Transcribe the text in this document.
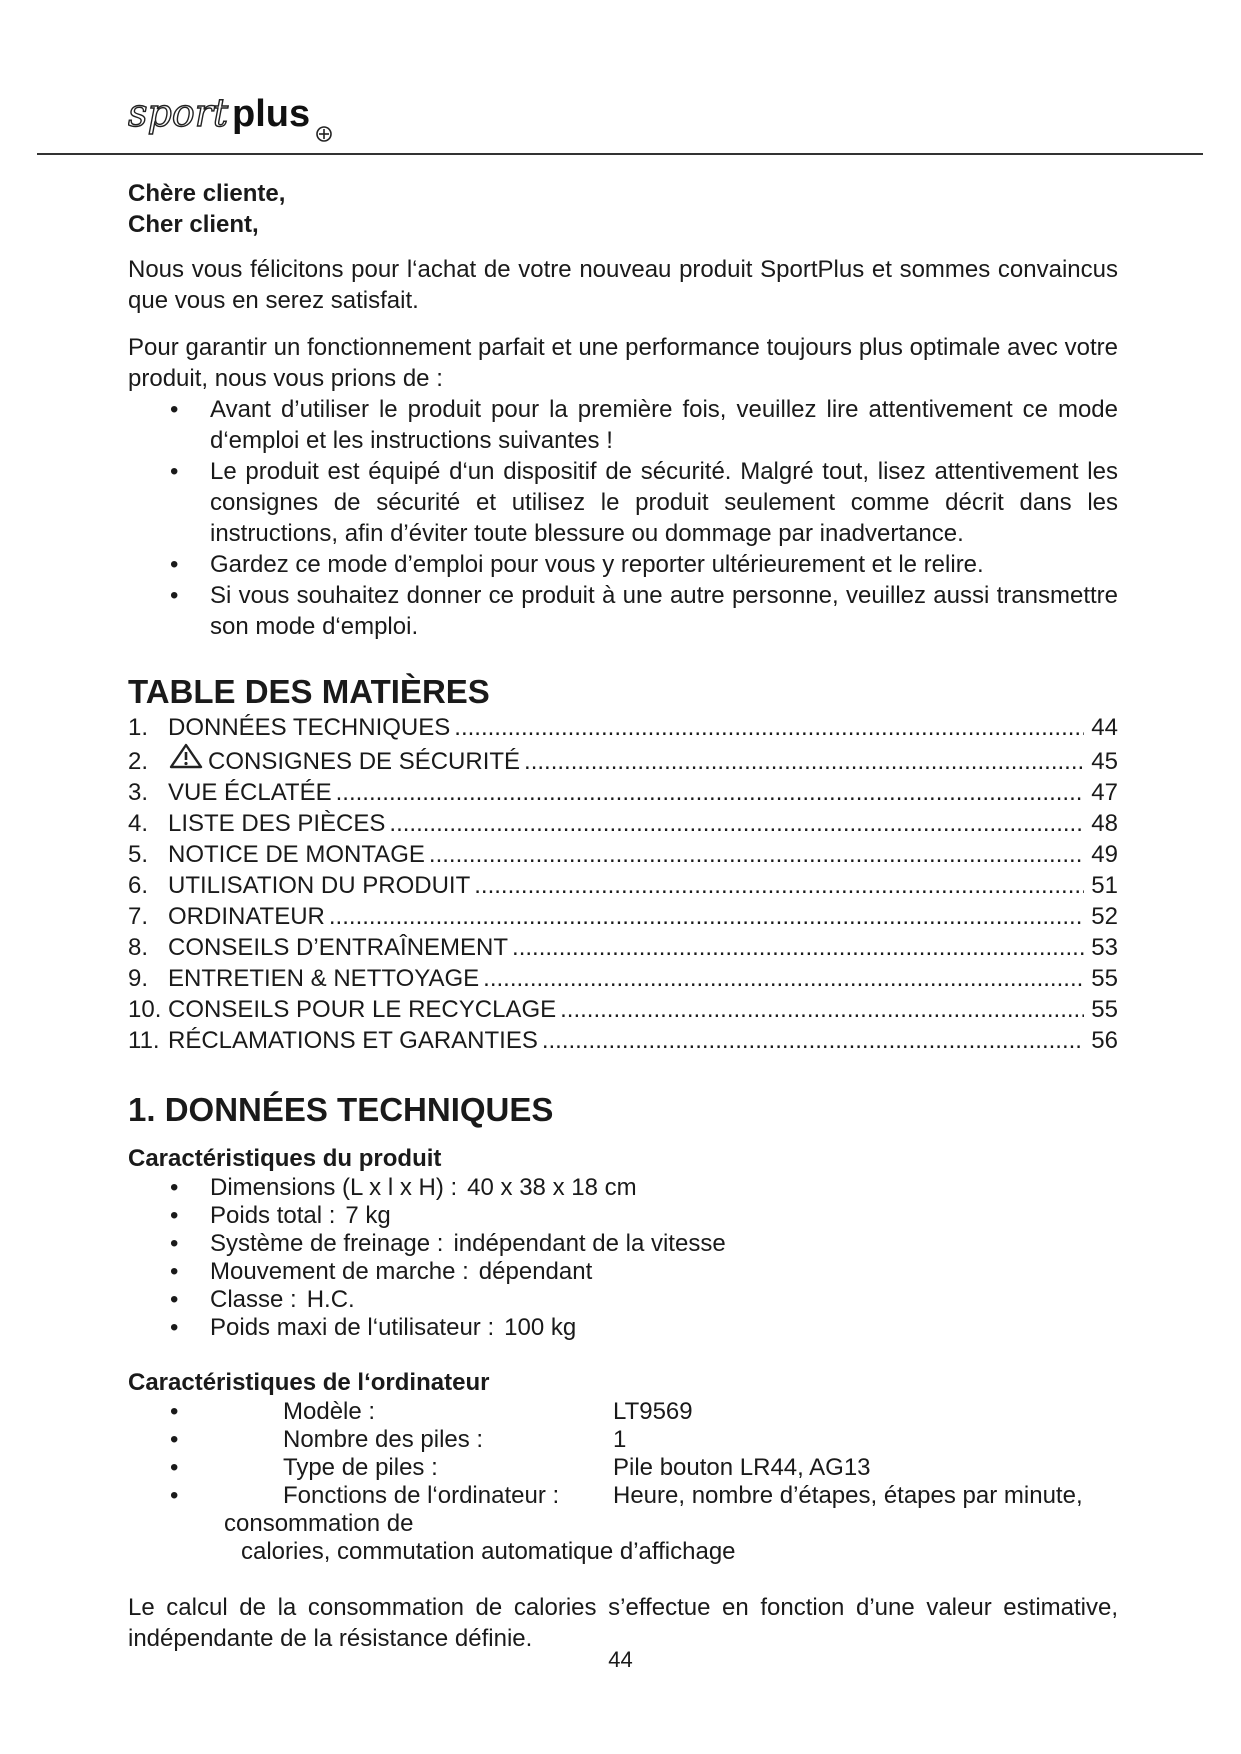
sport plus

Chère cliente,

Cher client,

Nous vous félicitons pour l‘achat de votre nouveau produit SportPlus et sommes convaincus que vous en serez satisfait.

Pour garantir un fonctionnement parfait et une performance toujours plus optimale avec votre produit, nous vous prions de :

• Avant d’utiliser le produit pour la première fois, veuillez lire attentivement ce mode d‘emploi et les instructions suivantes !
• Le produit est équipé d‘un dispositif de sécurité. Malgré tout, lisez attentivement les consignes de sécurité et utilisez le produit seulement comme décrit dans les instructions, afin d’éviter toute blessure ou dommage par inadvertance.
• Gardez ce mode d’emploi pour vous y reporter ultérieurement et le relire.
• Si vous souhaitez donner ce produit à une autre personne, veuillez aussi transmettre son mode d‘emploi.
TABLE DES MATIÈRES
1. DONNÉES TECHNIQUES .....	44
2.	CONSIGNES DE SÉCURITÉ .....	45
3. VUE ÉCLATÉE .....	47
4. LISTE DES PIÈCES .....	48
5. NOTICE DE MONTAGE .....	49
6. UTILISATION DU PRODUIT .....	51
7. ORDINATEUR .....	52
8. CONSEILS D’ENTRAÎNEMENT .....	53
9. ENTRETIEN & NETTOYAGE .....	55
10. CONSEILS POUR LE RECYCLAGE .....	55
11. RÉCLAMATIONS ET GARANTIES .....	56
1. DONNÉES TECHNIQUES
Caractéristiques du produit
• Dimensions (L x l x H) : 40 x 38 x 18 cm
• Poids total : 7 kg
• Système de freinage : indépendant de la vitesse
• Mouvement de marche : dépendant
• Classe : H.C.
• Poids maxi de l‘utilisateur : 100 kg
Caractéristiques de l‘ordinateur
•	Modèle :	LT9569
•	Nombre des piles :	1
•	Type de piles :	Pile bouton LR44, AG13
•	Fonctions de l‘ordinateur :	Heure, nombre d’étapes, étapes par minute,
consommation de
calories, commutation automatique d’affichage

Le calcul de la consommation de calories s’effectue en fonction d’une valeur estimative, indépendante de la résistance définie.

44
